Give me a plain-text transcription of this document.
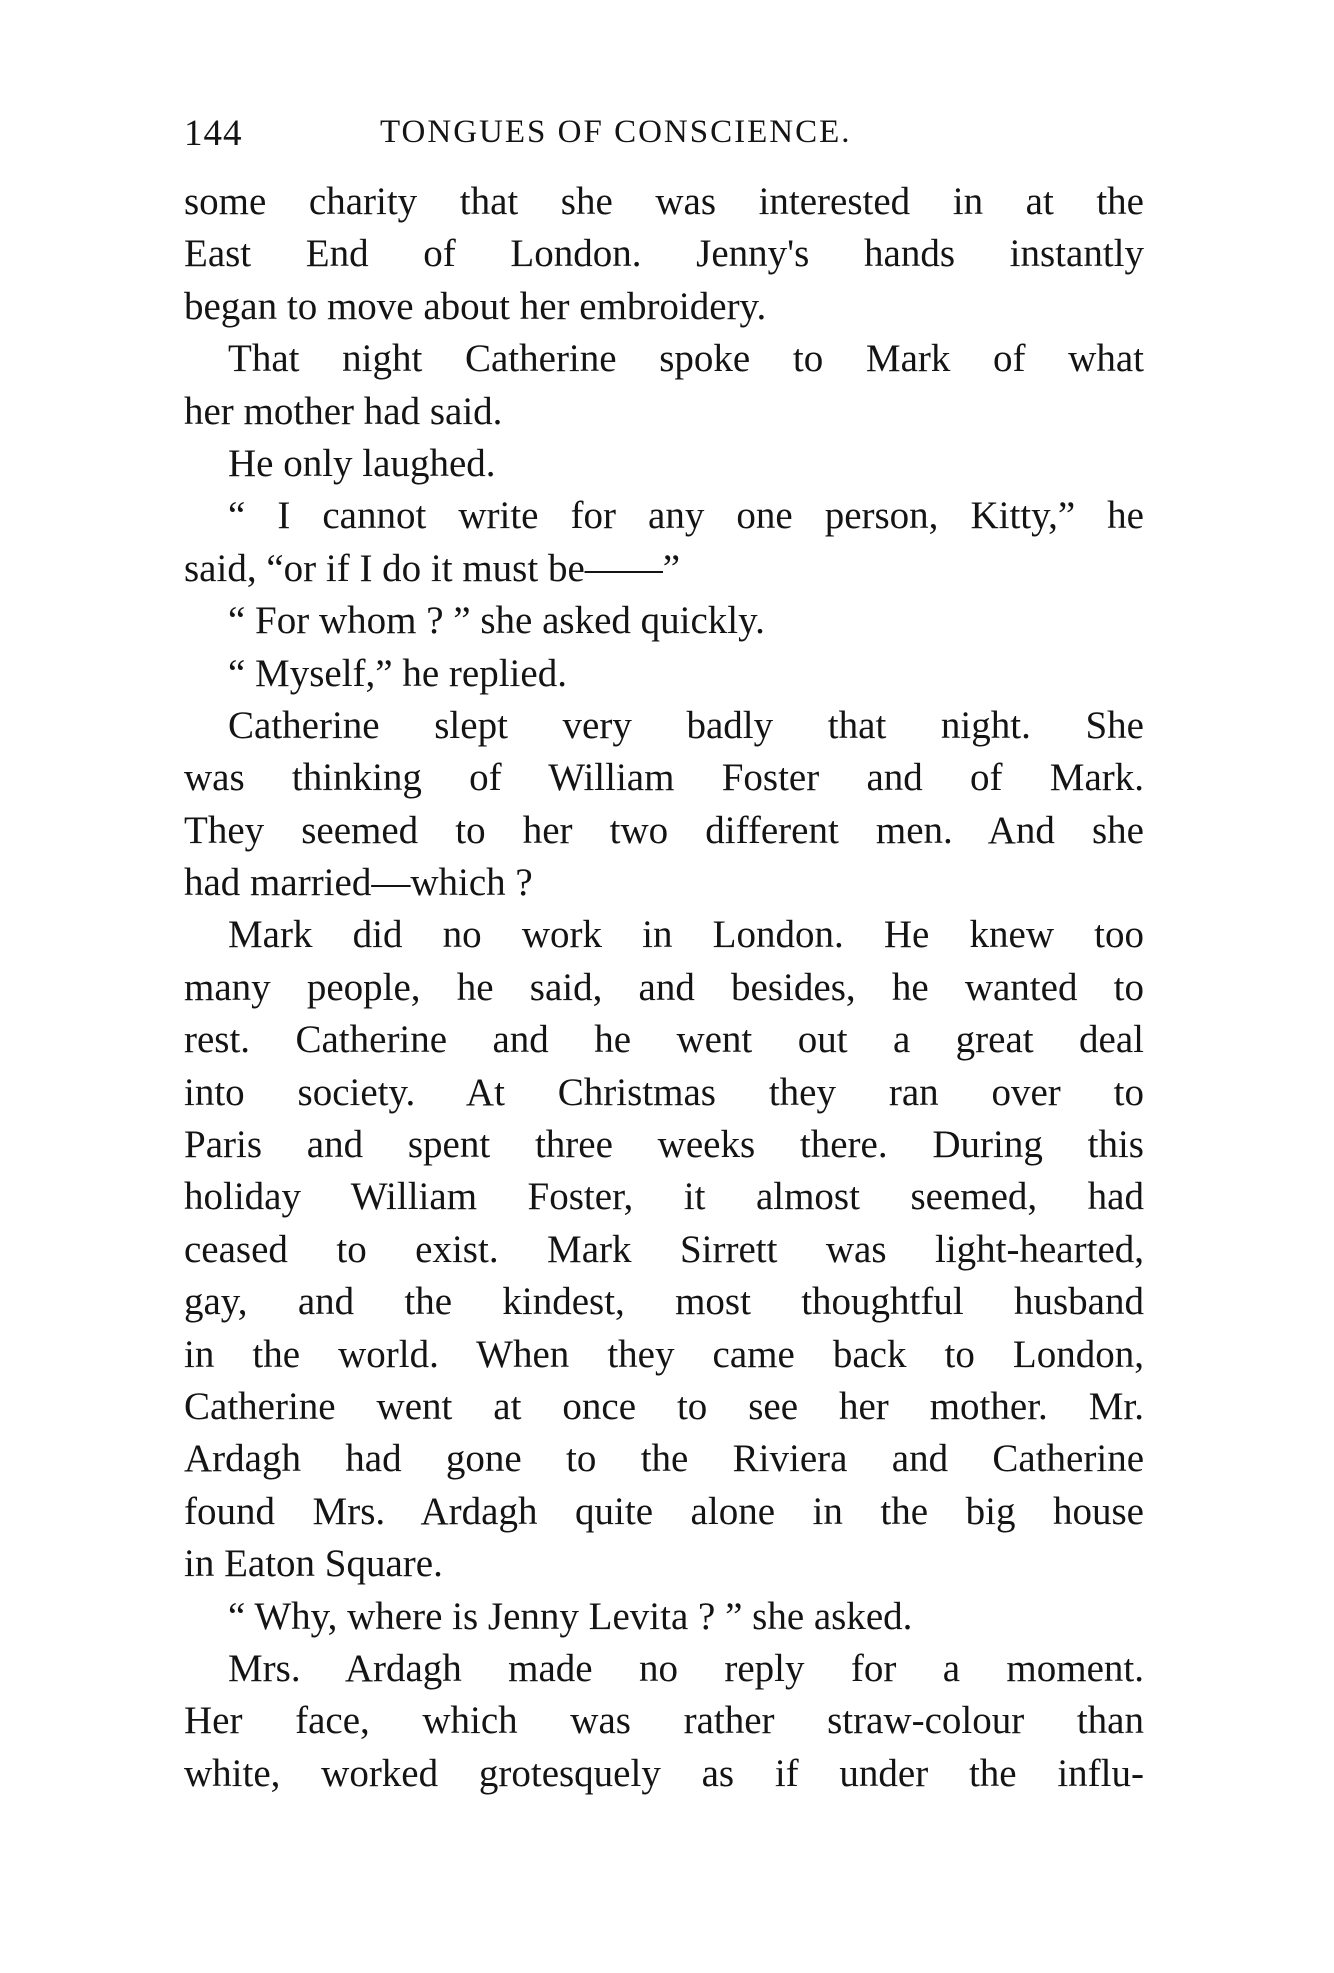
144	TONGUES OF CONSCIENCE.
some charity that she was interested in at the
East End of London. Jenny's hands instantly
began to move about her embroidery.
That night Catherine spoke to Mark of what
her mother had said.
He only laughed.
“ I cannot write for any one person, Kitty,” he
said, “or if I do it must be——”
“ For whom ? ” she asked quickly.
“ Myself,” he replied.
Catherine slept very badly that night. She
was thinking of William Foster and of Mark.
They seemed to her two different men. And she
had married—which ?
Mark did no work in London. He knew too
many people, he said, and besides, he wanted to
rest. Catherine and he went out a great deal
into society. At Christmas they ran over to
Paris and spent three weeks there. During this
holiday William Foster, it almost seemed, had
ceased to exist. Mark Sirrett was light-hearted,
gay, and the kindest, most thoughtful husband
in the world. When they came back to London,
Catherine went at once to see her mother. Mr.
Ardagh had gone to the Riviera and Catherine
found Mrs. Ardagh quite alone in the big house
in Eaton Square.
“ Why, where is Jenny Levita ? ” she asked.
Mrs. Ardagh made no reply for a moment.
Her face, which was rather straw-colour than
white, worked grotesquely as if under the influ-
